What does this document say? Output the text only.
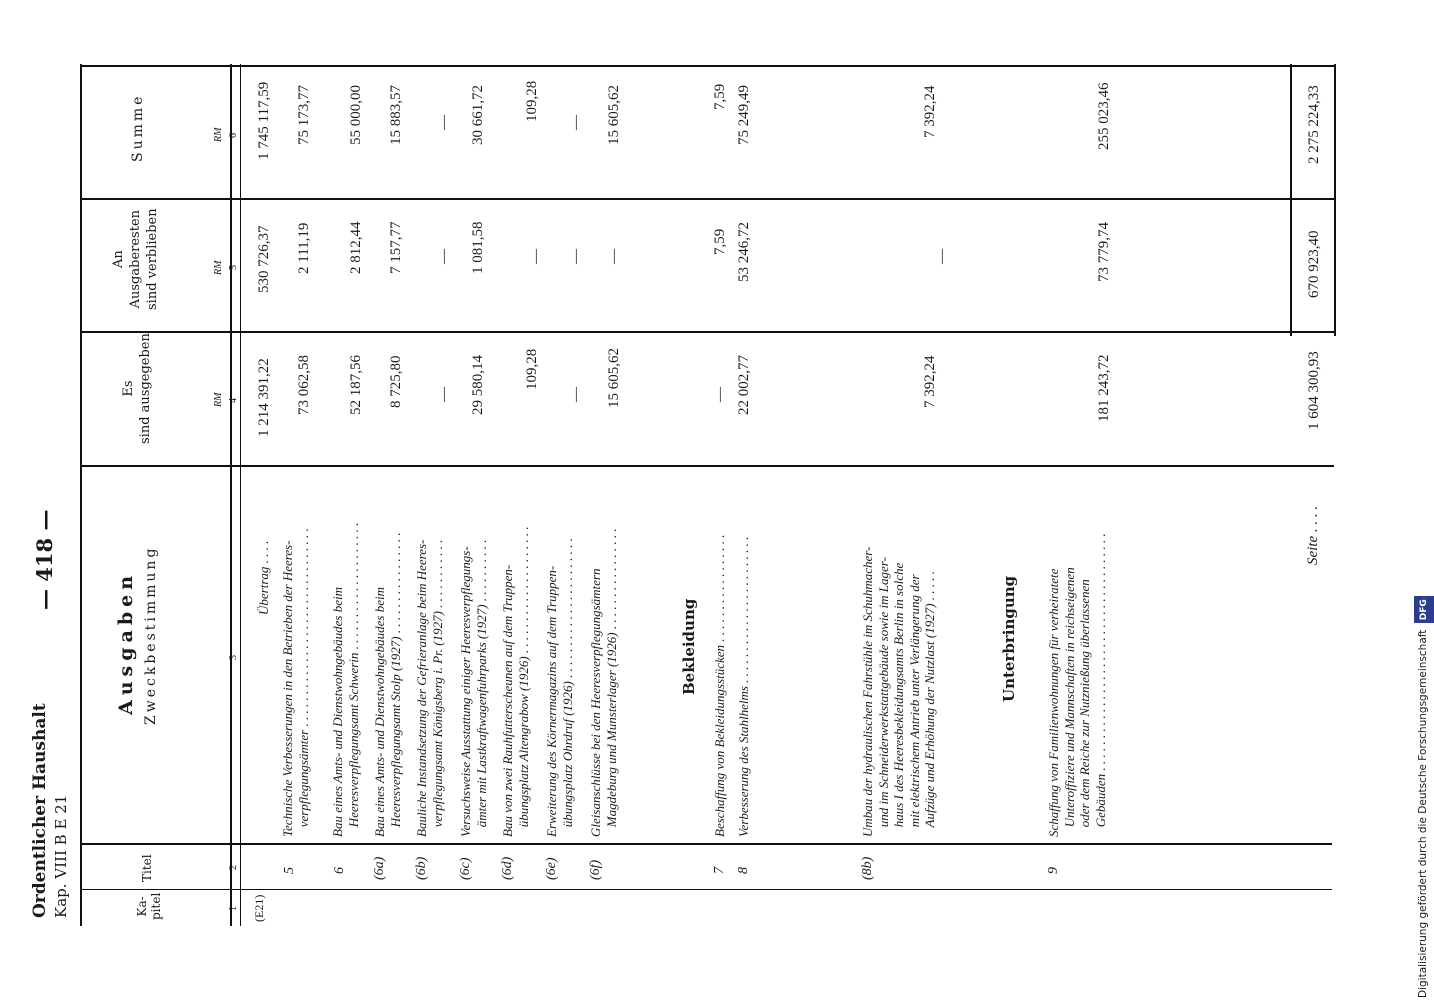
Ordentlicher Haushalt Kap. VIII B E 21
— 418 —
Ka-
pitel
Titel
Ausgaben Zweckbestimmung
Es
sind ausgegeben
An
Ausgaberesten
sind verblieben
Summe
RM
RM
RM
1
2
3
4
5
6
(E21)
Übertrag . . . .
1 214 391,22
530 726,37
1 745 117,59
5
Technische Verbesserungen in den Betrieben der Heeres-
verpflegungsämter . . . . . . . . . . . . . . . . . . . . . . . . . . . . . . .
73 062,58
2 111,19
75 173,77
6
Bau eines Amts- und Dienstwohngebäudes beim
Heeresverpflegungsamt Schwerin . . . . . . . . . . . . . . . . . . . .
52 187,56
2 812,44
55 000,00
(6a)
Bau eines Amts- und Dienstwohngebäudes beim
Heeresverpflegungsamt Stolp (1927) . . . . . . . . . . . . . . . .
8 725,80
7 157,77
15 883,57
(6b)
Bauliche Instandsetzung der Gefrieranlage beim Heeres-
verpflegungsamt Königsberg i. Pr. (1927) . . . . . . . . . . .
—
—
—
(6c)
Versuchsweise Ausstattung einiger Heeresverpflegungs-
ämter mit Lastkraftwagenfuhrparks (1927) . . . . . . . . . .
29 580,14
1 081,58
30 661,72
(6d)
Bau von zwei Rauhfutterscheunen auf dem Truppen-
übungsplatz Altengrabow (1926) . . . . . . . . . . . . . . . . . . . .
109,28
—
109,28
(6e)
Erweiterung des Körnermagazins auf dem Truppen-
übungsplatz Ohrdruf (1926) . . . . . . . . . . . . . . . . . . . . . .
—
—
—
(6f)
Gleisanschlüsse bei den Heeresverpflegungsämtern
Magdeburg und Munsterlager (1926) . . . . . . . . . . . . . . . .
15 605,62
—
15 605,62
Bekleidung
7
Beschaffung von Bekleidungsstücken . . . . . . . . . . . . . . . . .
—
7,59
7,59
8
Verbesserung des Stahlhelms . . . . . . . . . . . . . . . . . . . . . . .
22 002,77
53 246,72
75 249,49
(8b)
Umbau der hydraulischen Fahrstühle im Schuhmacher-
und im Schneiderwerkstattgebäude sowie im Lager-
haus I des Heeresbekleidungsamts Berlin in solche
mit elektrischem Antrieb unter Verlängerung der
Aufzüge und Erhöhung der Nutzlast (1927) . . . . .
7 392,24
—
7 392,24
Unterbringung
9
Schaffung von Familienwohnungen für verheiratete
Unteroffiziere und Mannschaften in reichseigenen
oder dem Reiche zur Nutznießung überlassenen
Gebäuden . . . . . . . . . . . . . . . . . . . . . . . . . . . . . . . . . . . . .
181 243,72
73 779,74
255 023,46
Seite . . . .
1 604 300,93
670 923,40
2 275 224,33
Digitalisierung gefördert durch die Deutsche Forschungsgemeinschaft DFG
